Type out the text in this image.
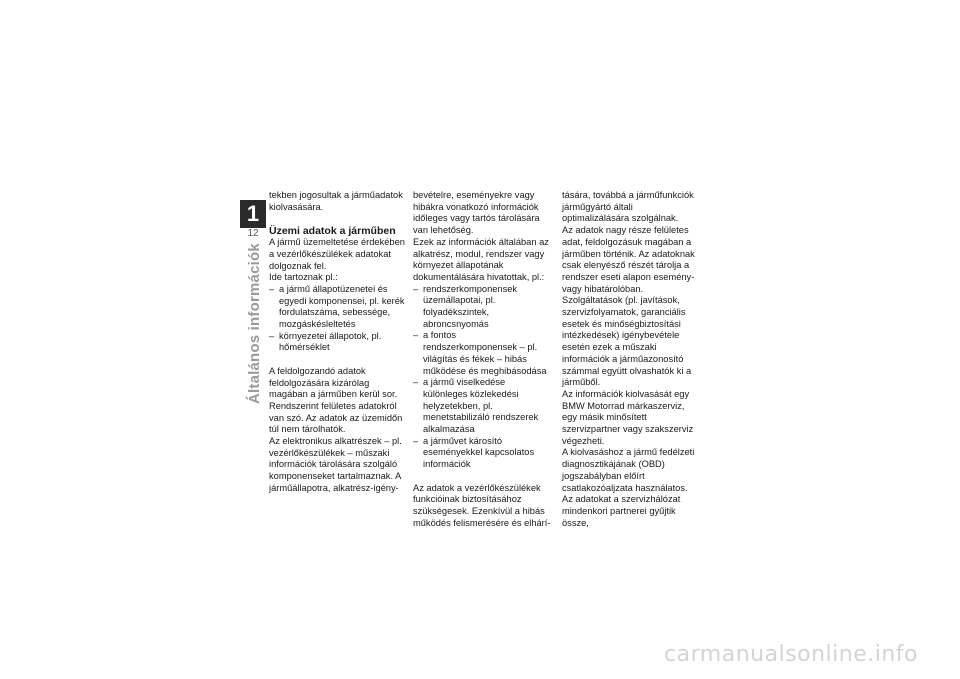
1
12
Általános információk

tekben jogosultak a járműadatok kiolvasására.

Üzemi adatok a járműben

A jármű üzemeltetése érdekében a vezérlőkészülékek adatokat dolgoznak fel.

Ide tartoznak pl.:

– a jármű állapotüzenetei és egyedi komponensei, pl. kerék fordulatszáma, sebessége, mozgáskésleltetés
– környezetei állapotok, pl. hőmérséklet

A feldolgozandó adatok feldolgozására kizárólag magában a járműben kerül sor. Rendszerint felületes adatokról van szó. Az adatok az üzemidőn túl nem tárolhatók.

Az elektronikus alkatrészek – pl. vezérlőkészülékek – műszaki információk tárolására szolgáló komponenseket tartalmaznak. A járműállapotra, alkatrész-igény-

bevételre, eseményekre vagy hibákra vonatkozó információk időleges vagy tartós tárolására van lehetőség.

Ezek az információk általában az alkatrész, modul, rendszer vagy környezet állapotának dokumentálására hivatottak, pl.:

– rendszerkomponensek üzemállapotai, pl. folyadékszintek, abroncsnyomás
– a fontos rendszerkomponensek – pl. világítás és fékek – hibás működése és meghibásodása
– a jármű viselkedése különleges közlekedési helyzetekben, pl. menetstabilizáló rendszerek alkalmazása
– a járművet károsító eseményekkel kapcsolatos információk

Az adatok a vezérlőkészülékek funkcióinak biztosításához szükségesek. Ezenkívül a hibás működés felismerésére és elhárí-

tására, továbbá a járműfunkciók járműgyártó általi optimalizálására szolgálnak.

Az adatok nagy része felületes adat, feldolgozásuk magában a járműben történik. Az adatoknak csak elenyésző részét tárolja a rendszer eseti alapon esemény- vagy hibatárolóban.

Szolgáltatások (pl. javítások, szervizfolyamatok, garanciális esetek és minőségbiztosítási intézkedések) igénybevétele esetén ezek a műszaki információk a járműazonosító számmal együtt olvashatók ki a járműből.

Az információk kiolvasását egy BMW Motorrad márkaszerviz, egy másik minősített szervizpartner vagy szakszerviz végezheti.

A kiolvasáshoz a jármű fedélzeti diagnosztikájának (OBD) jogszabályban előírt csatlakozóaljzata használatos.

Az adatokat a szervizhálózat mindenkori partnerei gyűjtik össze,

carmanualsonline.info
